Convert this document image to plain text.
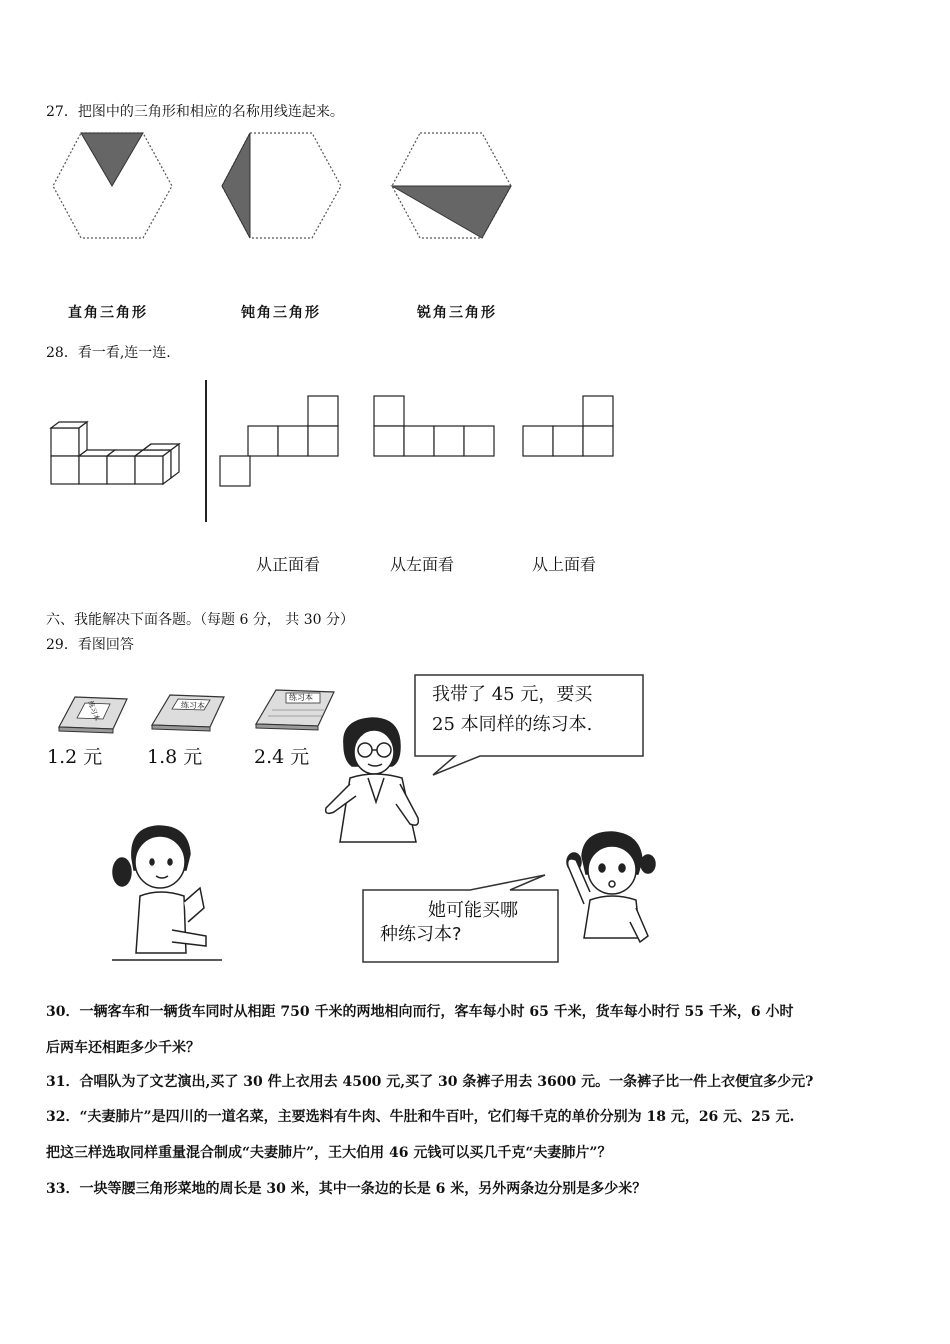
27．把图中的三角形和相应的名称用线连起来。
直角三角形	钝角三角形	锐角三角形
28．看一看,连一连.
从正面看	从左面看	从上面看
六、我能解决下面各题。（每题 6 分， 共 30 分）
29．看图回答
练习本	练习本
练习本
1.2 元 1.8 元	2.4 元
我带了 45 元，要买
25 本同样的练习本.
她可能买哪
种练习本?
30．一辆客车和一辆货车同时从相距 750 千米的两地相向而行，客车每小时 65 千米，货车每小时行 55 千米，6 小时
后两车还相距多少千米？
31．合唱队为了文艺演出,买了 30 件上衣用去 4500 元,买了 30 条裤子用去 3600 元。一条裤子比一件上衣便宜多少元?
32．“夫妻肺片”是四川的一道名菜，主要选料有牛肉、牛肚和牛百叶，它们每千克的单价分别为 18 元，26 元、25 元.
把这三样选取同样重量混合制成“夫妻肺片”，王大伯用 46 元钱可以买几千克“夫妻肺片”？
33．一块等腰三角形菜地的周长是 30 米，其中一条边的长是 6 米，另外两条边分别是多少米？
